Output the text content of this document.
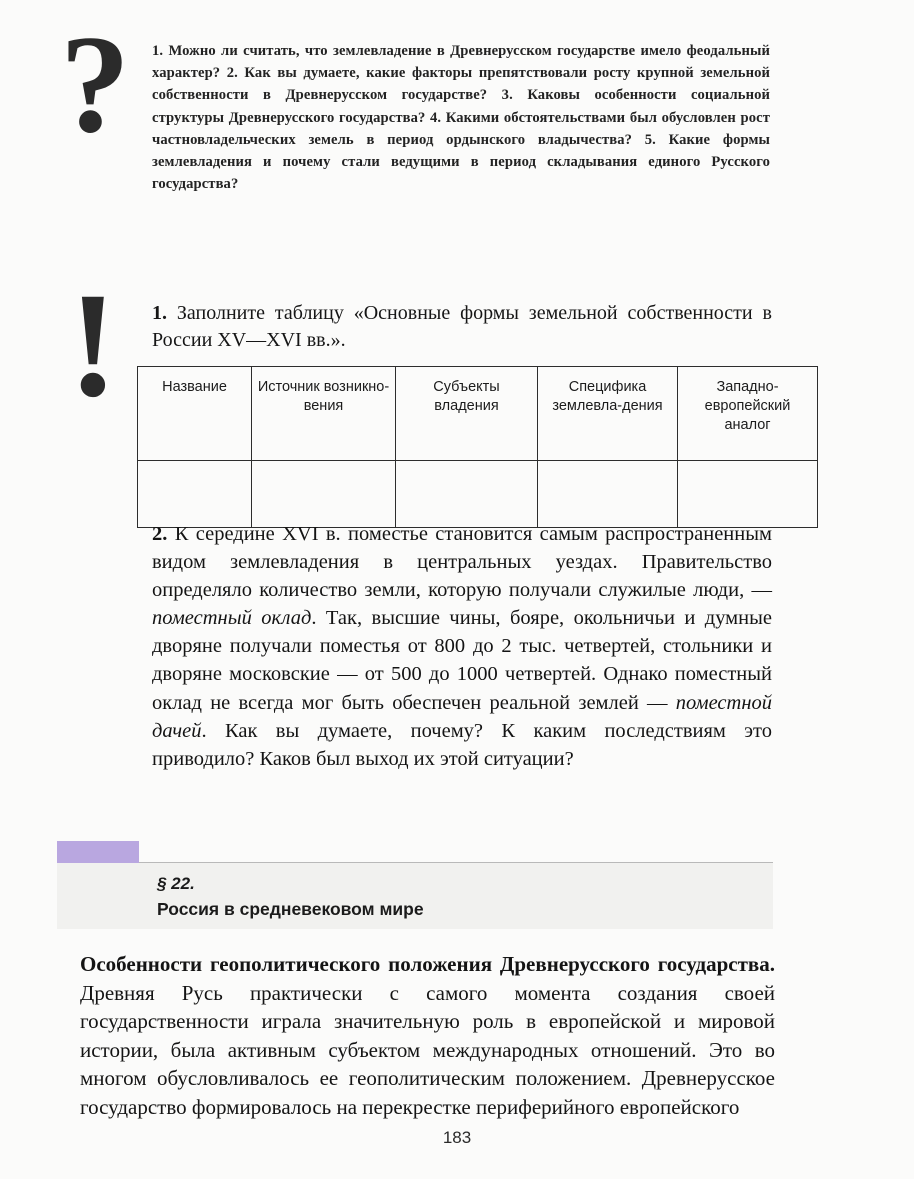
? 1. Можно ли считать, что землевладение в Древнерусском государстве имело феодальный характер? 2. Как вы думаете, какие факторы препятствовали росту крупной земельной собственности в Древнерусском государстве? 3. Каковы особенности социальной структуры Древнерусского государства? 4. Какими обстоятельствами был обусловлен рост частновладельческих земель в период ордынского владычества? 5. Какие формы землевладения и почему стали ведущими в период складывания единого Русского государства?
!	1. Заполните таблицу «Основные формы земельной собственности в России XV—XVI вв.».
Название	Источник возникно-вения	Субъекты владения	Специфика землевла-дения	Западно-европейский аналог

2. К середине XVI в. поместье становится самым распространенным видом землевладения в центральных уездах. Правительство определяло количество земли, которую получали служилые люди, — поместный оклад. Так, высшие чины, бояре, окольничьи и думные дворяне получали поместья от 800 до 2 тыс. четвертей, стольники и дворяне московские — от 500 до 1000 четвертей. Однако поместный оклад не всегда мог быть обеспечен реальной землей — поместной дачей. Как вы думаете, почему? К каким последствиям это приводило? Каков был выход их этой ситуации?
§ 22.
Россия в средневековом мире
Особенности геополитического положения Древнерусского государства. Древняя Русь практически с самого момента создания своей государственности играла значительную роль в европейской и мировой истории, была активным субъектом международных отношений. Это во многом обусловливалось ее геополитическим положением. Древнерусское государство формировалось на перекрестке периферийного европейского
183
